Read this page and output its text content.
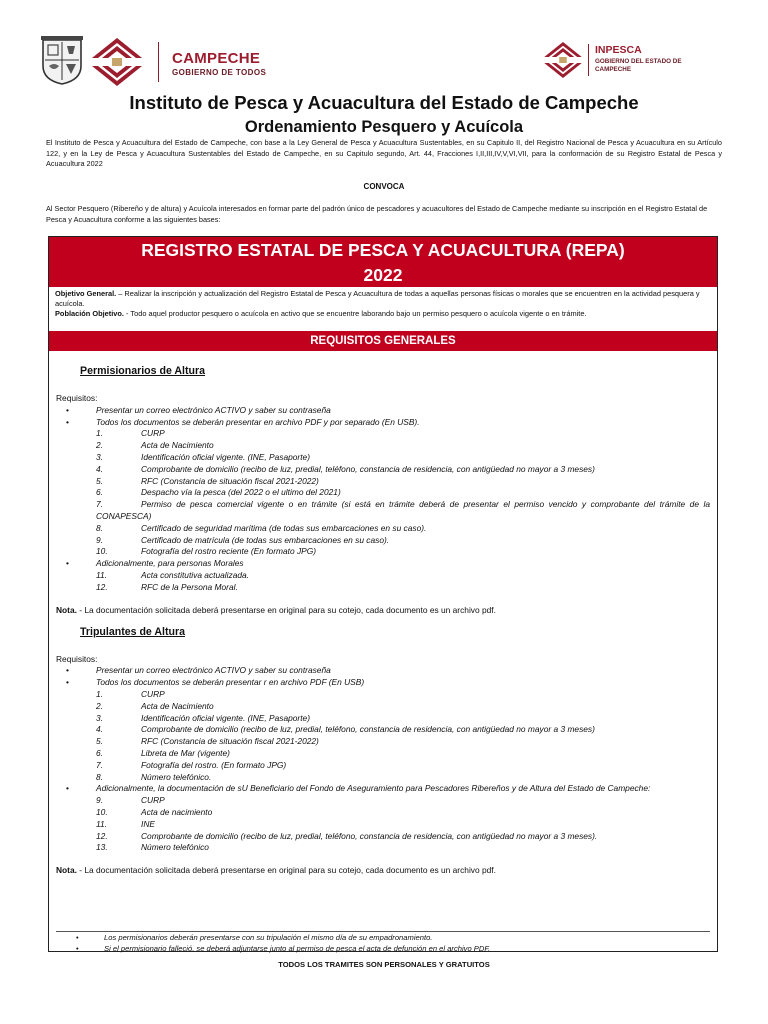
CAMPECHE
GOBIERNO DE TODOS
INPESCA
GOBIERNO DEL ESTADO DE CAMPECHE
Instituto de Pesca y Acuacultura del Estado de Campeche
Ordenamiento Pesquero y Acuícola
El Instituto de Pesca y Acuacultura del Estado de Campeche, con base a la Ley General de Pesca y Acuacultura Sustentables, en su Capitulo II, del Registro Nacional de Pesca y Acuacultura en su Artículo 122, y en la Ley de Pesca y Acuacultura Sustentables del Estado de Campeche, en su Capitulo segundo, Art. 44, Fracciones I,II,III,IV,V,VI,VII, para la conformación de su Registro Estatal de Pesca y Acuacultura 2022
CONVOCA
Al Sector Pesquero (Ribereño y de altura) y Acuícola interesados en formar parte del padrón único de pescadores y acuacultores del Estado de Campeche mediante su inscripción en el Registro Estatal de Pesca y Acuacultura conforme a las siguientes bases:
REGISTRO ESTATAL DE PESCA Y ACUACULTURA (REPA)
2022

Objetivo General. – Realizar la inscripción y actualización del Registro Estatal de Pesca y Acuacultura de todas a aquellas personas físicas o morales que se encuentren en la actividad pesquera y acuícola.

Población Objetivo. - Todo aquel productor pesquero o acuícola en activo que se encuentre laborando bajo un permiso pesquero o acuícola vigente o en trámite.

REQUISITOS GENERALES
Permisionarios de Altura
Requisitos:
•	Presentar un correo electrónico ACTIVO y saber su contraseña
•	Todos los documentos se deberán presentar en archivo PDF y por separado (En USB).
1.	CURP
2.	Acta de Nacimiento
3.	Identificación oficial vigente. (INE, Pasaporte)
4.	Comprobante de domicilio (recibo de luz, predial, teléfono, constancia de residencia, con antigüedad no mayor a 3 meses)
5.	RFC (Constancia de situación fiscal 2021-2022)
6.	Despacho vía la pesca (del 2022 o el ultimo del 2021)
7.	Permiso de pesca comercial vigente o en trámite (si está en trámite deberá de presentar el permiso vencido y comprobante del trámite de la CONAPESCA)
8.	Certificado de seguridad marítima (de todas sus embarcaciones en su caso).
9.	Certificado de matrícula (de todas sus embarcaciones en su caso).
10.	Fotografía del rostro reciente (En formato JPG)
•	Adicionalmente, para personas Morales
11.	Acta constitutiva actualizada.
12.	RFC de la Persona Moral.
Nota. - La documentación solicitada deberá presentarse en original para su cotejo, cada documento es un archivo pdf.
Tripulantes de Altura
Requisitos:
•	Presentar un correo electrónico ACTIVO y saber su contraseña
•	Todos los documentos se deberán presentar r en archivo PDF (En USB)
1.	CURP
2.	Acta de Nacimiento
3.	Identificación oficial vigente. (INE, Pasaporte)
4.	Comprobante de domicilio (recibo de luz, predial, teléfono, constancia de residencia, con antigüedad no mayor a 3 meses)
5.	RFC (Constancia de situación fiscal 2021-2022)
6.	Libreta de Mar (vigente)
7.	Fotografía del rostro. (En formato JPG)
8.	Número telefónico.
•	Adicionalmente, la documentación de sU Beneficiario del Fondo de Aseguramiento para Pescadores Ribereños y de Altura del Estado de Campeche:
9.	CURP
10.	Acta de nacimiento
11.	INE
12.	Comprobante de domicilio (recibo de luz, predial, teléfono, constancia de residencia, con antigüedad no mayor a 3 meses).
13.	Número telefónico
Nota. - La documentación solicitada deberá presentarse en original para su cotejo, cada documento es un archivo pdf.
•	Los permisionarios deberán presentarse con su tripulación el mismo día de su empadronamiento.
•	Si el permisionario falleció, se deberá adjuntarse junto al permiso de pesca el acta de defunción en el archivo PDF.
TODOS LOS TRAMITES SON PERSONALES Y GRATUITOS
